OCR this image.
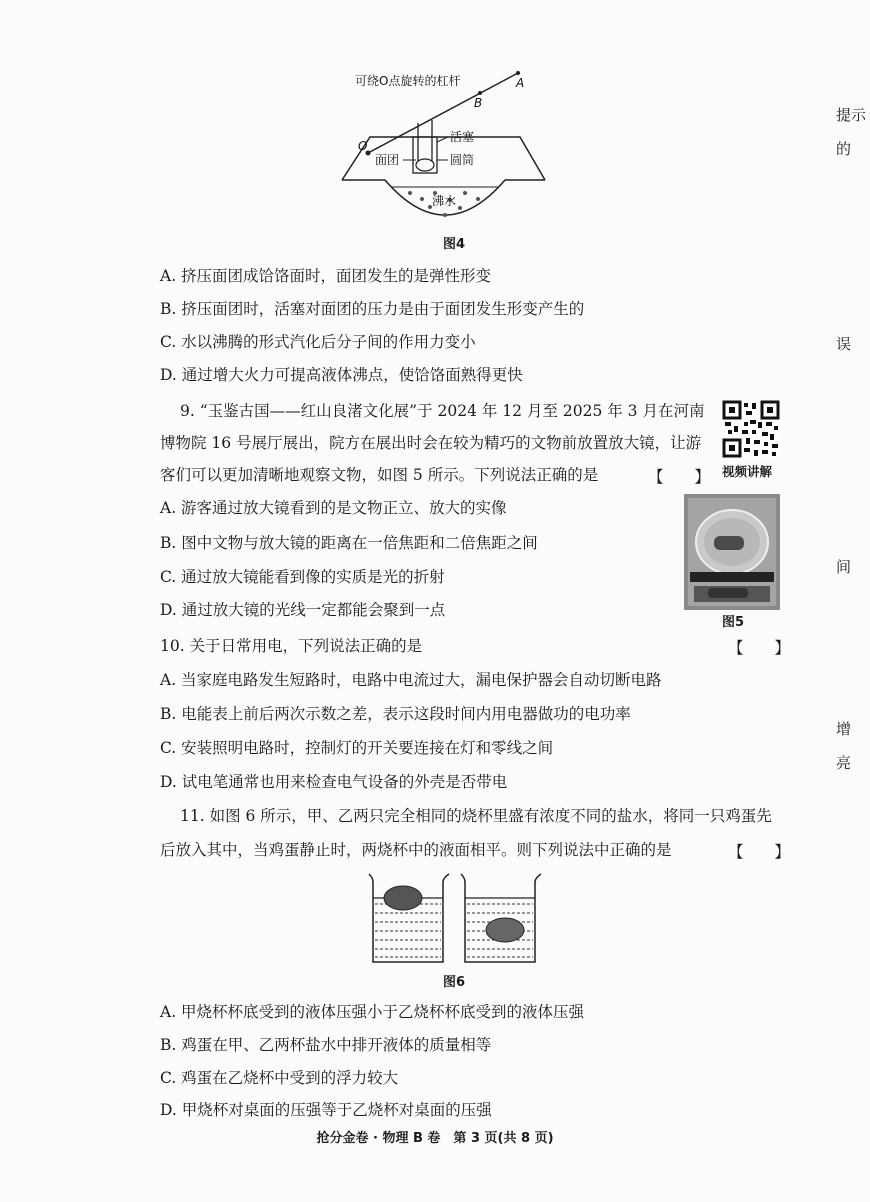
可绕O点旋转的杠杆	A
B
O
活塞
面团	圆筒
沸水
图4
A. 挤压面团成饸饹面时，面团发生的是弹性形变
B. 挤压面团时，活塞对面团的压力是由于面团发生形变产生的
C. 水以沸腾的形式汽化后分子间的作用力变小
D. 通过增大火力可提高液体沸点，使饸饹面熟得更快
9. “玉鉴古国——红山良渚文化展”于 2024 年 12 月至 2025 年 3 月在河南
博物院 16 号展厅展出，院方在展出时会在较为精巧的文物前放置放大镜，让游
客们可以更加清晰地观察文物，如图 5 所示。下列说法正确的是	【　　】 视频讲解
图5
A. 游客通过放大镜看到的是文物正立、放大的实像
B. 图中文物与放大镜的距离在一倍焦距和二倍焦距之间
C. 通过放大镜能看到像的实质是光的折射
D. 通过放大镜的光线一定都能会聚到一点
10. 关于日常用电，下列说法正确的是	【　　】
A. 当家庭电路发生短路时，电路中电流过大，漏电保护器会自动切断电路
B. 电能表上前后两次示数之差，表示这段时间内用电器做功的电功率
C. 安装照明电路时，控制灯的开关要连接在灯和零线之间
D. 试电笔通常也用来检查电气设备的外壳是否带电
11. 如图 6 所示，甲、乙两只完全相同的烧杯里盛有浓度不同的盐水，将同一只鸡蛋先
后放入其中，当鸡蛋静止时，两烧杯中的液面相平。则下列说法中正确的是	【　　】
图6
A. 甲烧杯杯底受到的液体压强小于乙烧杯杯底受到的液体压强
B. 鸡蛋在甲、乙两杯盐水中排开液体的质量相等
C. 鸡蛋在乙烧杯中受到的浮力较大
D. 甲烧杯对桌面的压强等于乙烧杯对桌面的压强
提示
的
误
间
增
亮
抢分金卷 · 物理 B 卷　第 3 页(共 8 页)
